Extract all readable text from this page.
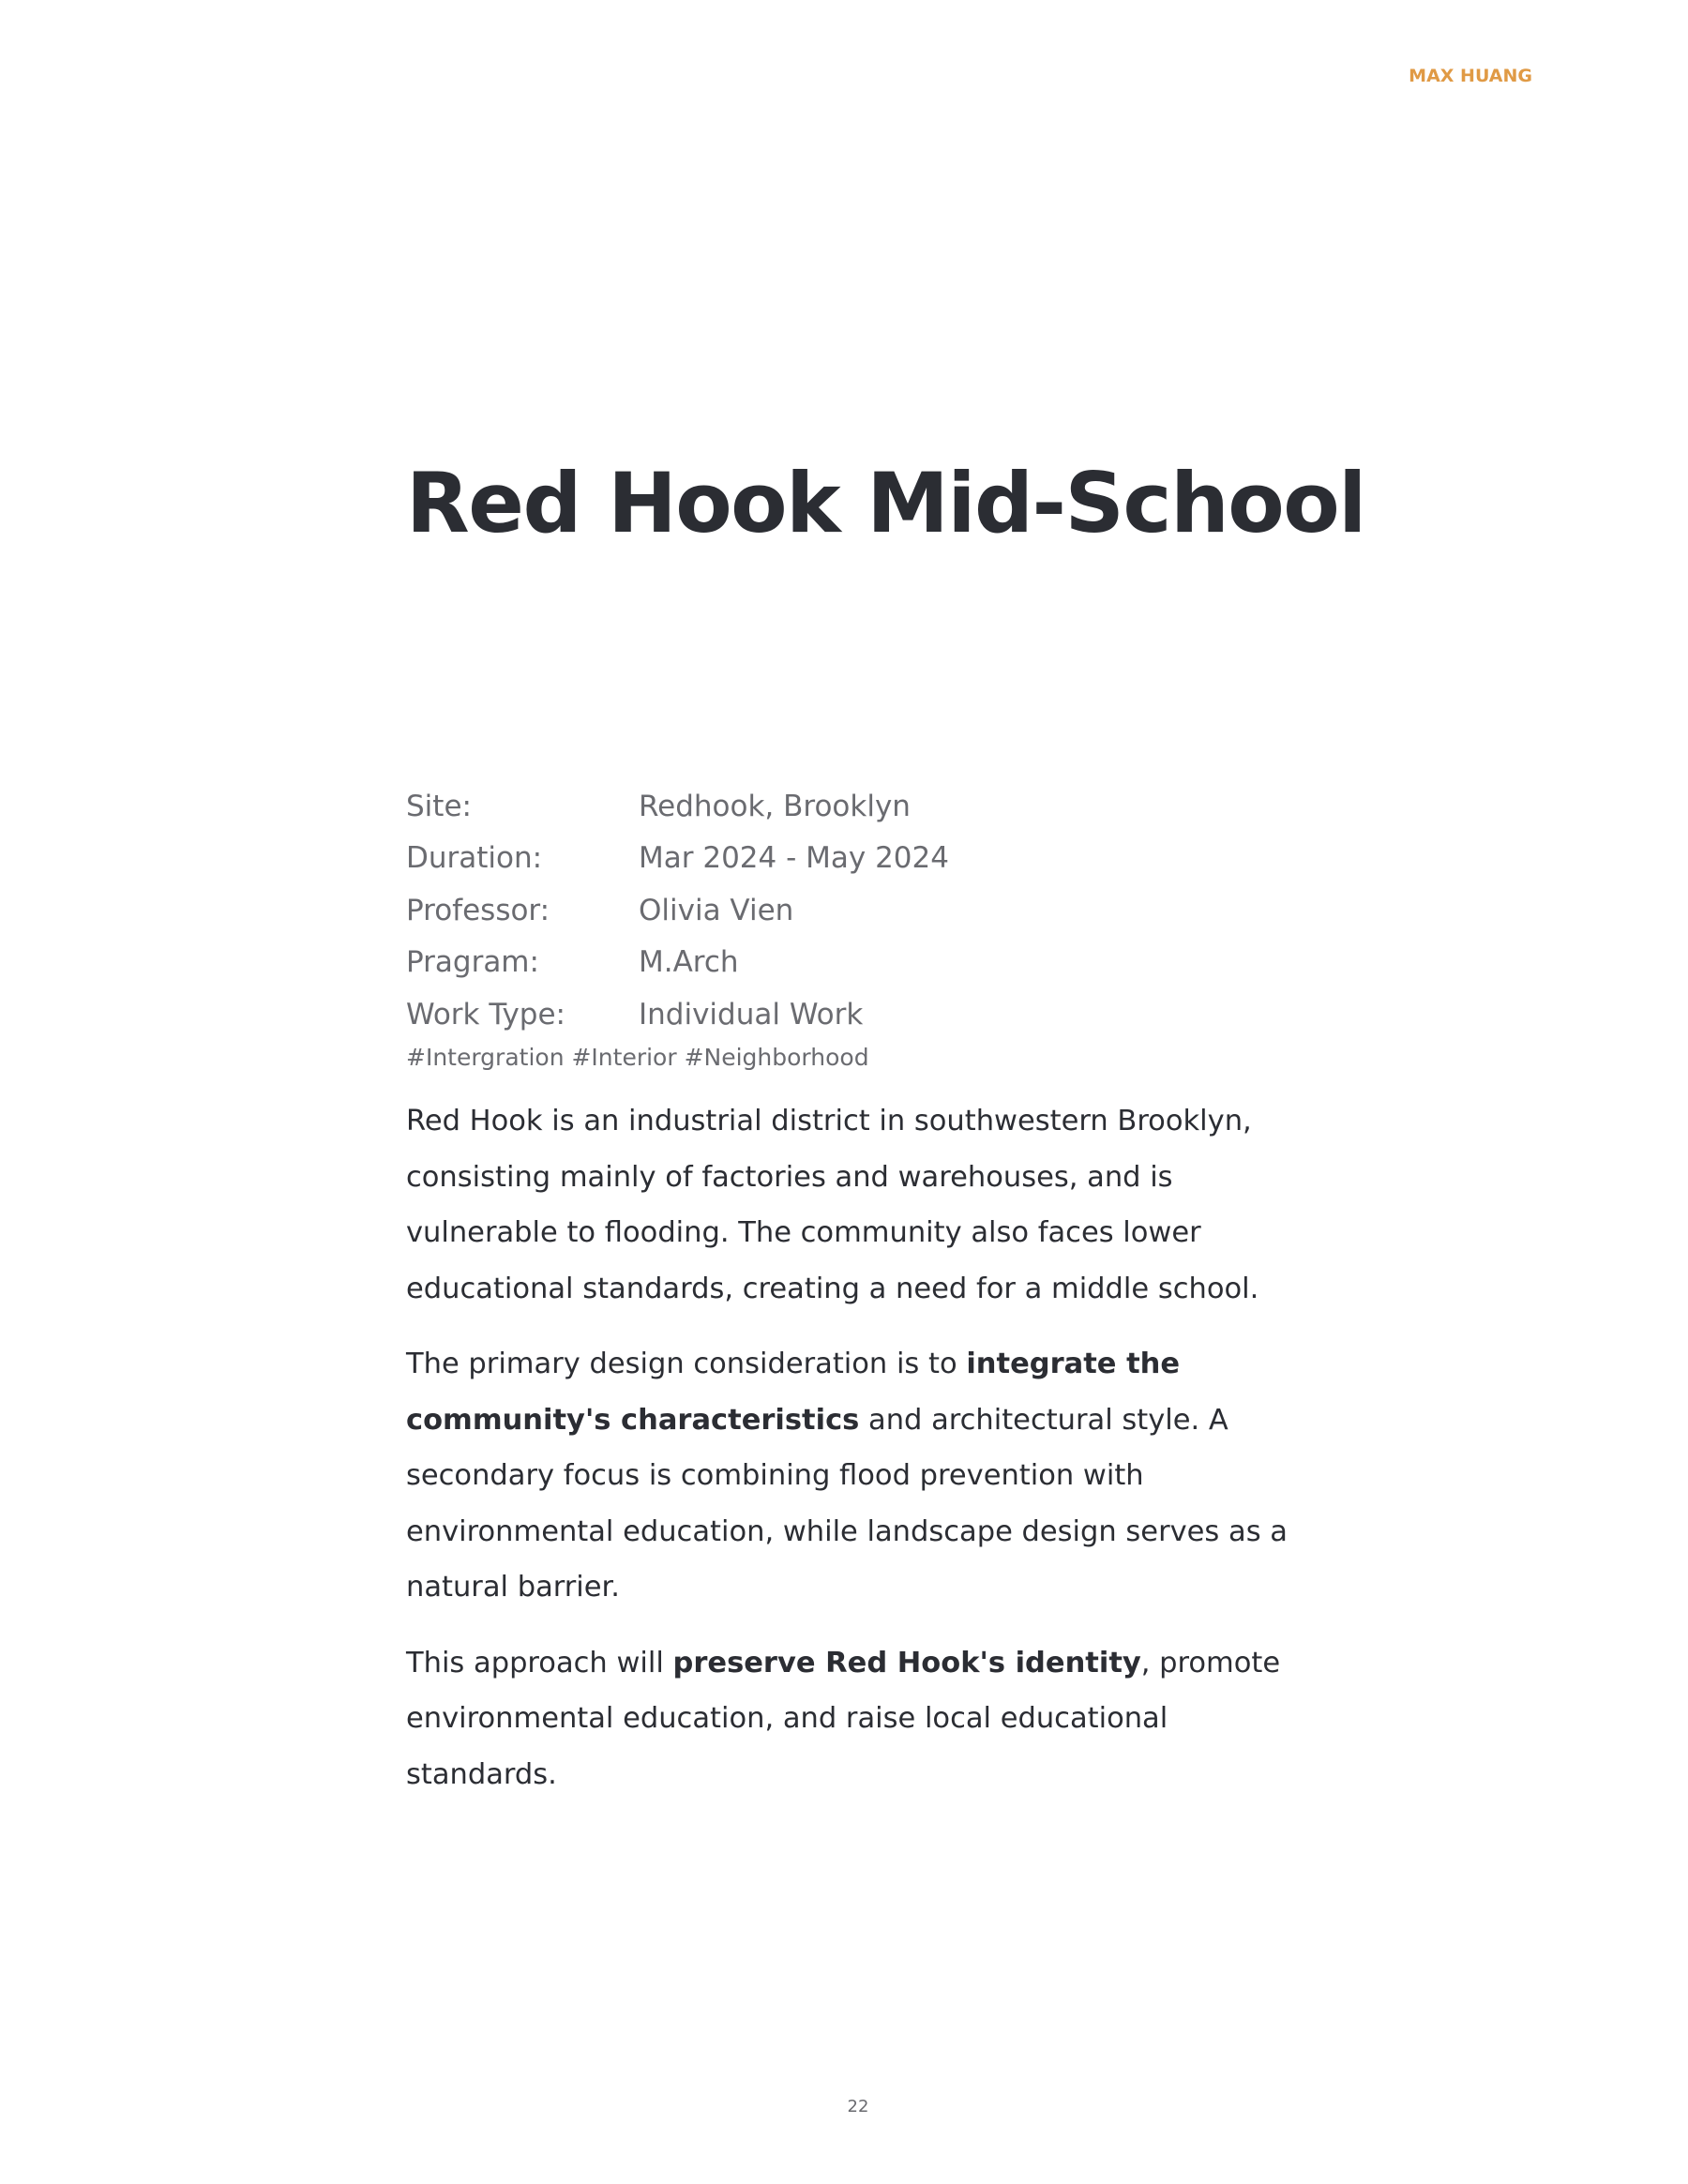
MAX HUANG
Red Hook Mid-School
Site:	Redhook, Brooklyn
Duration:	Mar 2024 - May 2024
Professor:	Olivia Vien
Pragram:	M.Arch
Work Type:	Individual Work
#Intergration #Interior #Neighborhood

Red Hook is an industrial district in southwestern Brooklyn, consisting mainly of factories and warehouses, and is vulnerable to flooding. The community also faces lower educational standards, creating a need for a middle school.

The primary design consideration is to integrate the community's characteristics and architectural style. A secondary focus is combining flood prevention with environmental education, while landscape design serves as a natural barrier.

This approach will preserve Red Hook's identity, promote environmental education, and raise local educational standards.

22
